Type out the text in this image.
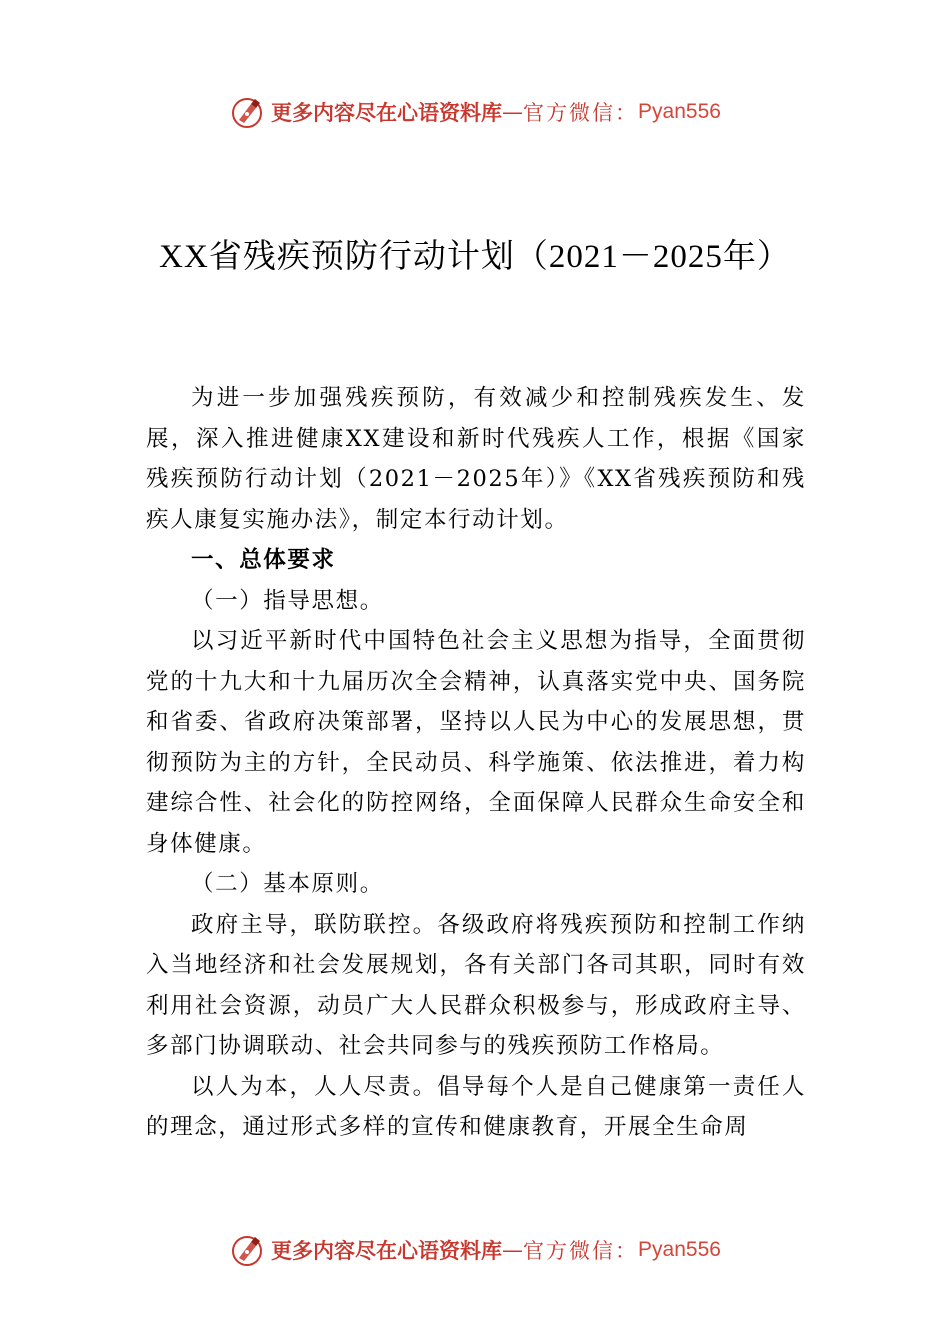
更多内容尽在心语资料库 — 官方微信： Pyan556
XX省残疾预防行动计划（2021－2025年）

为进一步加强残疾预防，有效减少和控制残疾发生、发展，深入推进健康XX建设和新时代残疾人工作，根据《国家残疾预防行动计划（2021－2025年）》《XX省残疾预防和残疾人康复实施办法》，制定本行动计划。

一、总体要求

（一）指导思想。

以习近平新时代中国特色社会主义思想为指导，全面贯彻党的十九大和十九届历次全会精神，认真落实党中央、国务院和省委、省政府决策部署，坚持以人民为中心的发展思想，贯彻预防为主的方针，全民动员、科学施策、依法推进，着力构建综合性、社会化的防控网络，全面保障人民群众生命安全和身体健康。

（二）基本原则。

政府主导，联防联控。各级政府将残疾预防和控制工作纳入当地经济和社会发展规划，各有关部门各司其职，同时有效利用社会资源，动员广大人民群众积极参与，形成政府主导、多部门协调联动、社会共同参与的残疾预防工作格局。

以人为本，人人尽责。倡导每个人是自己健康第一责任人的理念，通过形式多样的宣传和健康教育，开展全生命周

更多内容尽在心语资料库 — 官方微信： Pyan556
